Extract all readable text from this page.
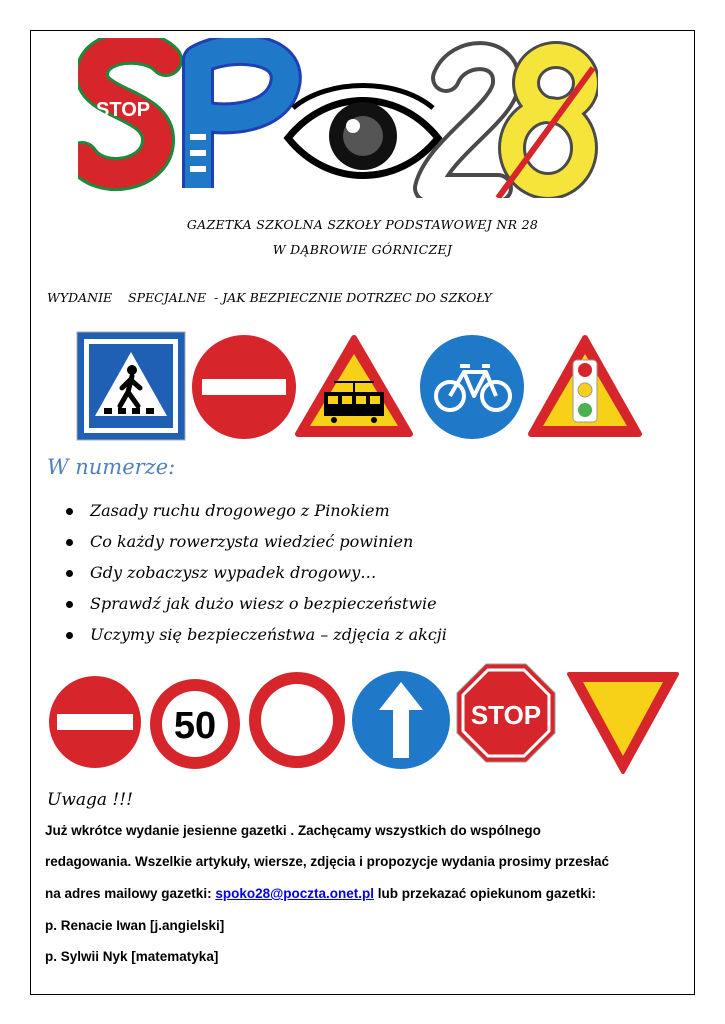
STOP
GAZETKA SZKOLNA SZKOŁY PODSTAWOWEJ NR 28
W DĄBROWIE GÓRNICZEJ
WYDANIE    SPECJALNE  - JAK BEZPIECZNIE DOTRZEC DO SZKOŁY
W numerze:
Zasady ruchu drogowego z Pinokiem
Co każdy rowerzysta wiedzieć powinien
Gdy zobaczysz wypadek drogowy…
Sprawdź jak dużo wiesz o bezpieczeństwie
Uczymy się bezpieczeństwa – zdjęcia z akcji
50	STOP
Uwaga !!!
Już wkrótce wydanie jesienne gazetki . Zachęcamy wszystkich do wspólnego
redagowania. Wszelkie artykuły, wiersze, zdjęcia i propozycje wydania prosimy przesłać
na adres mailowy gazetki: spoko28@poczta.onet.pl lub przekazać opiekunom gazetki:
p. Renacie Iwan [j.angielski]
p. Sylwii Nyk [matematyka]
